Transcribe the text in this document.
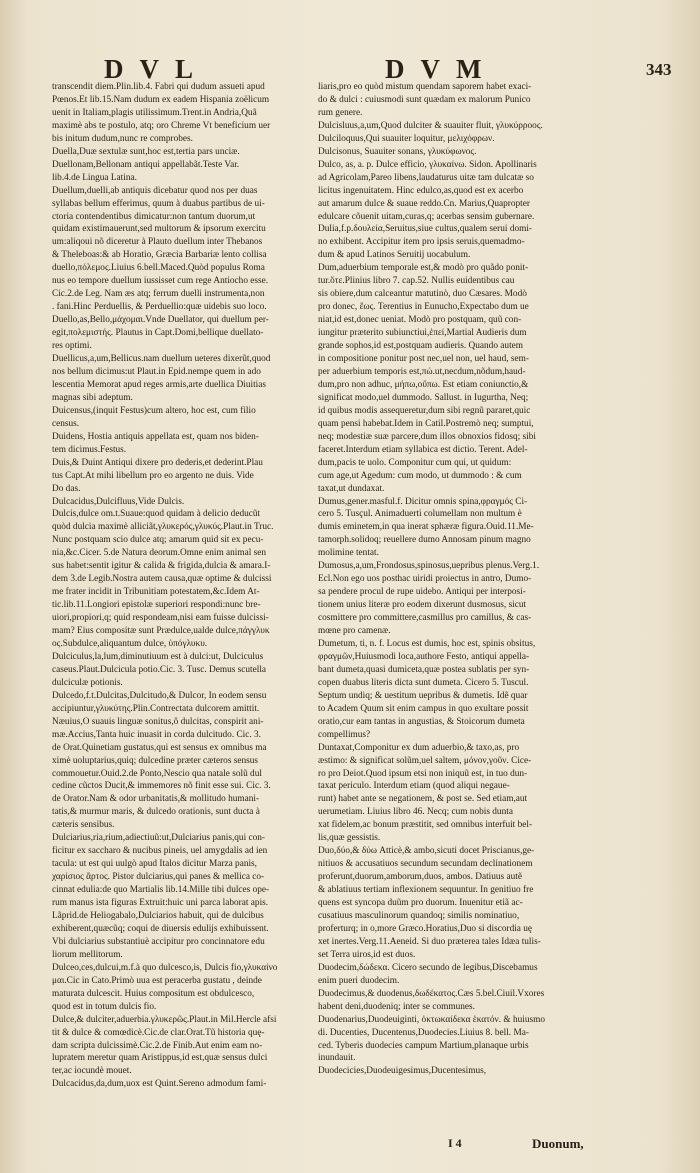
DVL	DVM	343

transcendit diem.Plin.lib.4. Fabri qui dudum assueti apud

Pœnos.Et lib.15.Nam dudum ex eadem Hispania zoëlicum

uenit in Italiam,plagis utilissimum.Trent.in Andria,Quã

maximè abs te postulo, atq; oro Chreme Vt beneficium uer

bis initum dudum,nunc re comprobes.

Duella,Duæ sextulæ sunt,hoc est,tertia pars unciæ.

Duellonam,Bellonam antiqui appellabãt.Teste Var.

lib.4.de Lingua Latina.

Duellum,duelli,ab antiquis dicebatur quod nos per duas

syllabas bellum efferimus, quum à duabus partibus de ui-

ctoria contendentibus dimicatur:non tantum duorum,ut

quidam existimauerunt,sed multorum & ipsorum exercitu

um:aliqoui nõ diceretur à Plauto duellum inter Thebanos

& Theleboas:& ab Horatio, Græcia Barbariæ lento collisa

duello,πόλεμος.Liuius 6.bell.Maced.Quòd populus Roma

nus eo tempore duellum iussisset cum rege Antiocho esse.

Cic.2.de Leg. Nam æs atq; ferrum duelli instrumenta,non

. fani.Hinc Perduellis, & Perduellio:quæ uidebis suo loco.

Duello,as,Bello,μάχομαι.Vnde Duellator, qui duellum per-

egit,πολεμιστής. Plautus in Capt.Domi,bellique duellato-

res optimi.

Duellicus,a,um,Bellicus.nam duellum ueteres dixerũt,quod

nos bellum dicimus:ut Plaut.in Epid.nempe quem in ado

lescentia Memorat apud reges armis,arte duellica Diuitias

magnas sibi adeptum.

Duicensus,(inquit Festus)cum altero, hoc est, cum filio

census.

Duidens, Hostia antiquis appellata est, quam nos biden-

tem dicimus.Festus.

Duis,& Duint Antiqui dixere pro dederis,et dederint.Plau

tus Capt.At mihi libellum pro eo argento ne duis. Vide

Do das.

Dulcacidus,Dulcifluus,Vide Dulcis.

Dulcis,dulce om.t.Suaue:quod quidam à delicio deducũt

quòd dulcia maximè alliciãt,γλυκερός,γλυκύς.Plaut.in Truc.

Nunc postquam scio dulce atq; amarum quid sit ex pecu-

nia,&c.Cicer. 5.de Natura deorum.Omne enim animal sen

sus habet:sentit igitur & calida & frigida,dulcia & amara.I-

dem 3.de Legib.Nostra autem causa,quæ optime & dulcissi

me frater incidit in Tribunitiam potestatem,&c.Idem At-

tic.lib.11.Longiori epistolæ superiori respondi:nunc bre-

uiori,propiori,q; quid respondeam,nisi eam fuisse dulcissi-

mam? Eius compositæ sunt Prædulce,ualde dulce,πάγγλυκ

ος.Subdulce,aliquantum dulce, ὑπόγλυκυ.

Dulciculus,la,lum,diminutiuum est à dulci:ut, Dulciculus

caseus.Plaut.Dulcicula potio.Cic. 3. Tusc. Demus scutella

dulciculæ potionis.

Dulcedo,f.t.Dulcitas,Dulcitudo,& Dulcor, In eodem sensu

accipiuntur,γλυκύτης.Plin.Contrectata dulcorem amittit.

Næuius,O suauis linguæ sonitus,ô dulcitas, conspirit ani-

mæ.Accius,Tanta huic inuasit in corda dulcitudo. Cic. 3.

de Orat.Quinetiam gustatus,qui est sensus ex omnibus ma

ximè uoluptarius,quiq; dulcedine præter cæteros sensus

commouetur.Ouid.2.de Ponto,Nescio qua natale solũ dul

cedine cũctos Ducit,& immemores nõ finit esse sui. Cic. 3.

de Orator.Nam & odor urbanitatis,& mollitudo humani-

tatis,& murmur maris, & dulcedo orationis, sunt ducta à

cæteris sensibus.

Dulciarius,ria,rium,adiectiuũ:ut,Dulciarius panis,qui con-

ficitur ex saccharo & nucibus pineis, uel amygdalis ad ien

tacula: ut est qui uulgò apud Italos dicitur Marza panis,

χαρίσιος ἄρτος. Pistor dulciarius,qui panes & mellica co-

cinnat edulia:de quo Martialis lib.14.Mille tibi dulces ope-

rum manus ista figuras Extruit:huic uni parca laborat apis.

Lãprid.de Heliogabalo,Dulciarios habuit, qui de dulcibus

exhiberent,quæcũq; coqui de diuersis edulijs exhibuissent.

Vbi dulciarius substantiuè accipitur pro concinnatore edu

liorum mellitorum.

Dulceo,ces,dulcui,m.f.à quo dulcesco,is, Dulcis fio,γλυκαίνο

μαι.Cic in Cato.Primò uua est peracerba gustatu , deinde

maturata dulcescit. Huius compositum est obdulcesco,

quod est in totum dulcis fio.

Dulce,& dulciter,aduerbia.γλυκερῶς.Plaut.in Mil.Hercle afsi

tit & dulce & comœdicè.Cic.de clar.Orat.Tũ historia quę-

dam scripta dulcissimè.Cic.2.de Finib.Aut enim eam no-

lupratem meretur quam Aristippus,id est,quæ sensus dulci

ter,ac iocundè mouet.

Dulcacidus,da,dum,uox est Quint.Sereno admodum fami-

liaris,pro eo quòd mistum quendam saporem habet exaci-

do & dulci : cuiusmodi sunt quædam ex malorum Punico

rum genere.

Dulcisluus,a,um,Quod dulciter & suauiter fluit, γλυκύρροος.

Dulciloquus,Qui suauiter loquitur, μελιχόφρων.

Dulcisonus, Suauiter sonans, γλυκύφωνος.

Dulco, as, a. p. Dulce efficio, γλυκαίνω. Sidon. Apollinaris

ad Agricolam,Pareo libens,laudaturus uitæ tam dulcatæ so

licitus ingenuitatem. Hinc edulco,as,quod est ex acerbo

aut amarum dulce & suaue reddo.Cn. Marius,Quapropter

edulcare cõuenit uitam,curas,q; acerbas sensim gubernare.

Dulia,f.p.δουλεία,Seruitus,siue cultus,qualem serui domi-

no exhibent. Accipitur item pro ipsis seruis,quemadmo-

dum & apud Latinos Seruitij uocabulum.

Dum,aduerbium temporale est,& modò pro quãdo ponit-

tur.ὅτε.Plinius libro 7. cap.52. Nullis euidentibus cau

sis obiere,dum calceantur matutinò, duo Cæsares. Modò

pro donec, ἕως. Terentius in Eunucho,Expectabo dum ue

niat,id est,donec ueniat. Modò pro postquam, quũ con-

iungitur præterito subiunctiui,ἐπεί,Martial Audieris dum

grande sophos,id est,postquam audieris. Quando autem

in compositione ponitur post nec,uel non, uel haud, sem-

per aduerbium temporis est,πώ.ut,necdum,nõdum,haud-

dum,pro non adhuc, μήπω,οὔπω. Est etiam coniunctio,&

significat modo,uel dummodo. Sallust. in Iugurtha, Neq;

id quibus modis assequeretur,dum sibi regnũ pararet,quic

quam pensi habebat.Idem in Catil.Postremò neq; sumptui,

neq; modestiæ suæ parcere,dum illos obnoxios fidosq; sibi

faceret.Interdum etiam syllabica est dictio. Terent. Adel-

dum,pacis te uolo. Componitur cum qui, ut quidum:

cum age,ut Agedum: cum modo, ut dummodo : & cum

taxat,ut dundaxat.

Dumus,gener.masful.f. Dicitur omnis spina,φραγμός Ci-

cero 5. Tusçul. Animaduerti columellam non multum è

dumis eminetem,in qua inerat sphæræ figura.Ouid.11.Me-

tamorph.solidoq; reuellere dumo Annosam pinum magno

molimine tentat.

Dumosus,a,um,Frondosus,spinosus,uepribus plenus.Verg.1.

Ecl.Non ego uos posthac uiridi proiectus in antro, Dumo-

sa pendere procul de rupe uidebo. Antiqui per interposi-

tionem unius literæ pro eodem dixerunt dusmosus, sicut

cosmittere pro committere,casmillus pro camillus, & cas-

mœne pro camenæ.

Dumetum, ti, n. f. Locus est dumis, hoc est, spinis obsitus,

φραγμῶν,Huiusmodi loca,authore Festo, antiqui appella-

bant dumeta,quasi dumiceta,quæ postea sublatis per syn-

copen duabus literis dicta sunt dumeta. Cicero 5. Tuscul.

Septum undiq; & uestitum uepribus & dumetis. Idẽ quar

to Academ Quum sit enim campus in quo exultare possit

oratio,cur eam tantas in angustias, & Stoicorum dumeta

compellimus?

Duntaxat,Componitur ex dum aduerbio,& taxo,as, pro

æstimo: & significat solũm,uel saltem, μόνον,γοῦν. Cice-

ro pro Deiot.Quod ipsum etsi non iniquũ est, in tuo dun-

taxat periculo. Interdum etiam (quod aliqui negaue-

runt) habet ante se negationem, & post se. Sed etiam,aut

uerumetiam. Liuius libro 46. Necq; cum nobis dunta

xat fidelem,ac bonum præstitit, sed omnibus interfuit bel-

lis,quæ gessistis.

Duo,δύο,& δύω Atticè,& ambo,sicuti docet Priscianus,ge-

nitiuos & accusatiuos secundum secundam declinationem

proferunt,duorum,amborum,duos, ambos. Datiuus autẽ

& ablatiuus tertiam inflexionem sequuntur. In genitiuo fre

quens est syncopa duũm pro duorum. Inuenitur etiã ac-

cusatiuus masculinorum quandoq; similis nominatiuo,

proferturq; in o,more Græco.Horatius,Duo si discordia uę

xet inertes.Verg.11.Aeneid. Si duo præterea tales Idæa tulis-

set Terra uiros,id est duos.

Duodecim,δώδεκα. Cicero secundo de legibus,Discebamus

enim pueri duodecim.

Duodecimus,& duodenus,δωδέκατος.Cæs 5.bel.Ciuil.Vxores

habent deni,duodeniq; inter se communes.

Duodenarius,Duodeuiginti, ὀκτωκαίδεκα ἑκατόν. & huiusmo

di. Ducenties, Ducentenus,Duodecies.Liuius 8. bell. Ma-

ced. Tyberis duodecies campum Martium,planaque urbis

inundauit.

Duodecicies,Duodeuigesimus,Ducentesimus,

I 4	Duonum,
